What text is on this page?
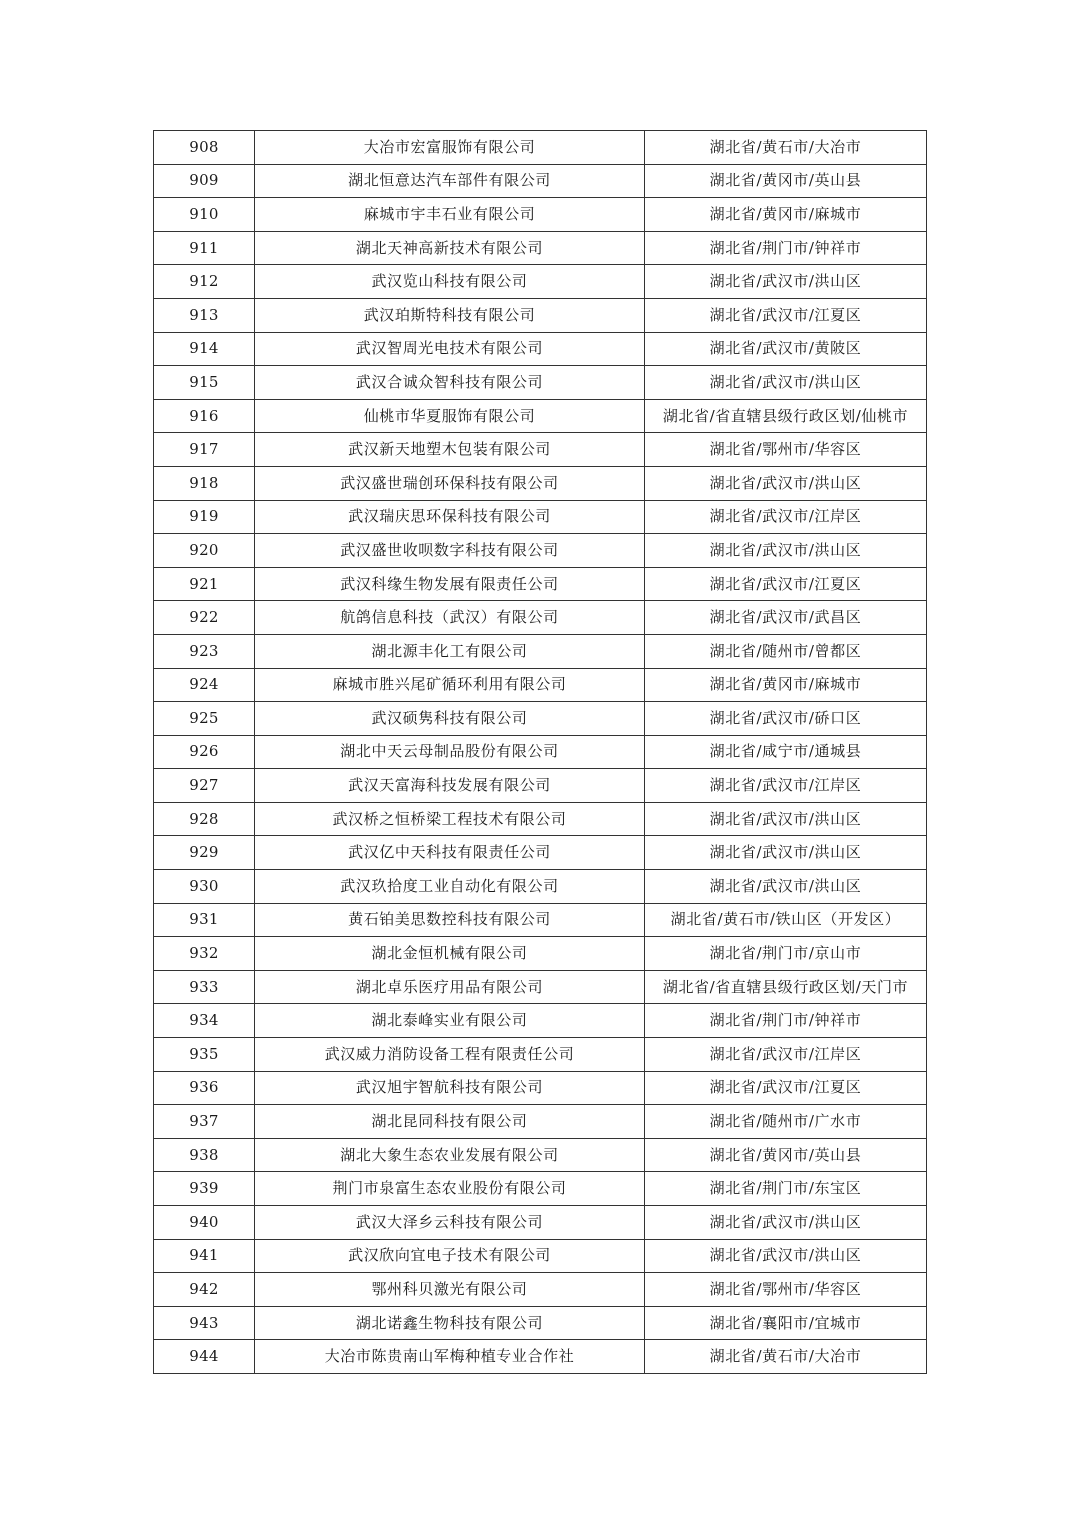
908	大冶市宏富服饰有限公司	湖北省/黄石市/大冶市
909	湖北恒意达汽车部件有限公司	湖北省/黄冈市/英山县
910	麻城市宇丰石业有限公司	湖北省/黄冈市/麻城市
911	湖北天神高新技术有限公司	湖北省/荆门市/钟祥市
912	武汉览山科技有限公司	湖北省/武汉市/洪山区
913	武汉珀斯特科技有限公司	湖北省/武汉市/江夏区
914	武汉智周光电技术有限公司	湖北省/武汉市/黄陂区
915	武汉合诚众智科技有限公司	湖北省/武汉市/洪山区
916	仙桃市华夏服饰有限公司	湖北省/省直辖县级行政区划/仙桃市
917	武汉新天地塑木包装有限公司	湖北省/鄂州市/华容区
918	武汉盛世瑞创环保科技有限公司	湖北省/武汉市/洪山区
919	武汉瑞庆思环保科技有限公司	湖北省/武汉市/江岸区
920	武汉盛世收呗数字科技有限公司	湖北省/武汉市/洪山区
921	武汉科缘生物发展有限责任公司	湖北省/武汉市/江夏区
922	航鸽信息科技（武汉）有限公司	湖北省/武汉市/武昌区
923	湖北源丰化工有限公司	湖北省/随州市/曾都区
924	麻城市胜兴尾矿循环利用有限公司	湖北省/黄冈市/麻城市
925	武汉硕隽科技有限公司	湖北省/武汉市/硚口区
926	湖北中天云母制品股份有限公司	湖北省/咸宁市/通城县
927	武汉天富海科技发展有限公司	湖北省/武汉市/江岸区
928	武汉桥之恒桥梁工程技术有限公司	湖北省/武汉市/洪山区
929	武汉亿中天科技有限责任公司	湖北省/武汉市/洪山区
930	武汉玖拾度工业自动化有限公司	湖北省/武汉市/洪山区
931	黄石铂美思数控科技有限公司	湖北省/黄石市/铁山区（开发区）
932	湖北金恒机械有限公司	湖北省/荆门市/京山市
933	湖北卓乐医疗用品有限公司	湖北省/省直辖县级行政区划/天门市
934	湖北泰峰实业有限公司	湖北省/荆门市/钟祥市
935	武汉威力消防设备工程有限责任公司	湖北省/武汉市/江岸区
936	武汉旭宇智航科技有限公司	湖北省/武汉市/江夏区
937	湖北昆同科技有限公司	湖北省/随州市/广水市
938	湖北大象生态农业发展有限公司	湖北省/黄冈市/英山县
939	荆门市泉富生态农业股份有限公司	湖北省/荆门市/东宝区
940	武汉大泽乡云科技有限公司	湖北省/武汉市/洪山区
941	武汉欣向宜电子技术有限公司	湖北省/武汉市/洪山区
942	鄂州科贝激光有限公司	湖北省/鄂州市/华容区
943	湖北诺鑫生物科技有限公司	湖北省/襄阳市/宜城市
944	大冶市陈贵南山军梅种植专业合作社	湖北省/黄石市/大冶市
